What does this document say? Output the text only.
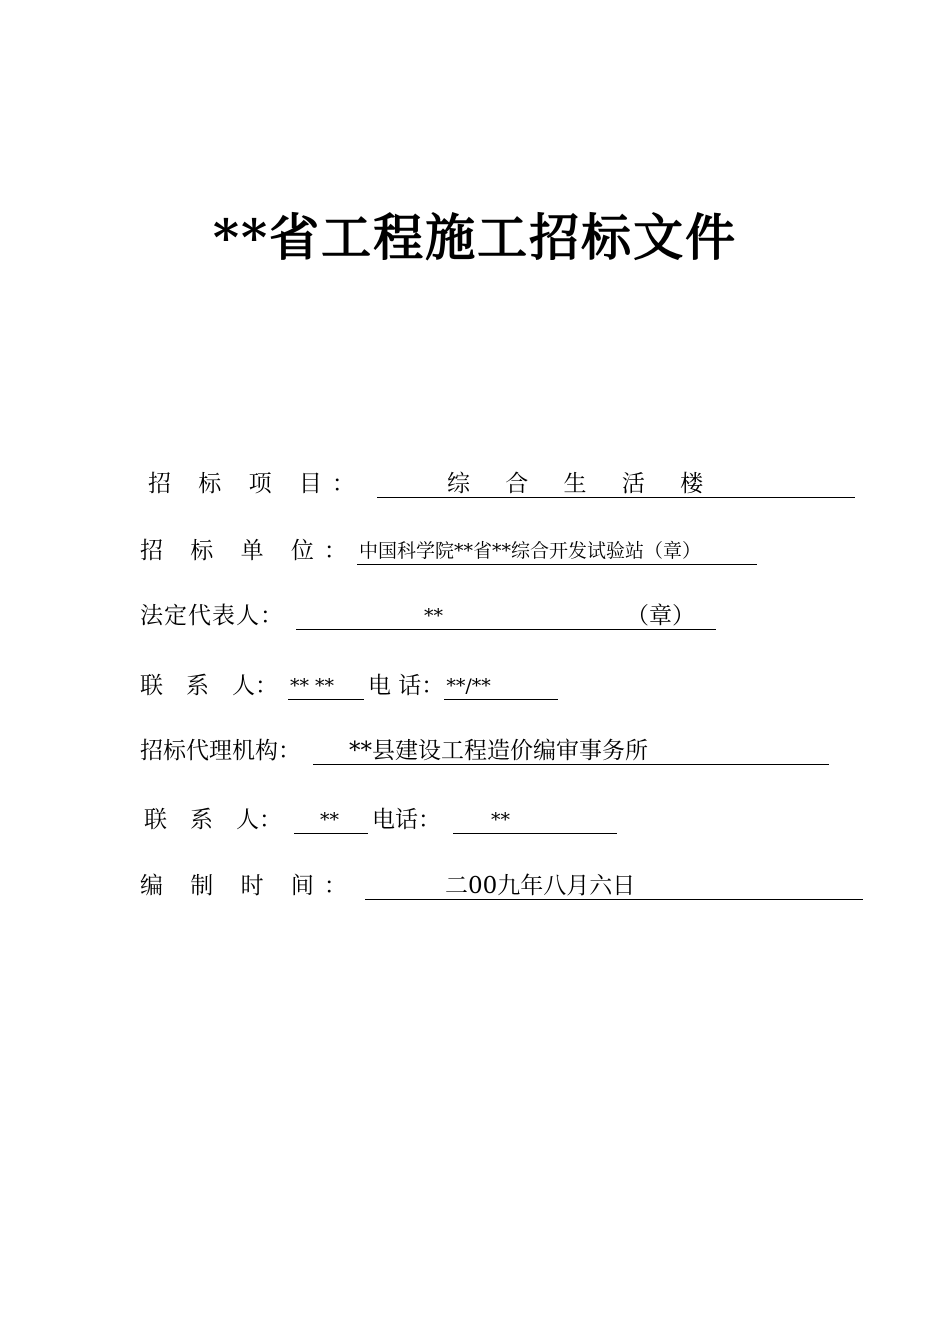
**省工程施工招标文件
招 标 项 目：	综 合 生 活 楼
招 标 单 位： 中国科学院**省**综合开发试验站（章）
法定代表人：	**	（章）
联　系　人： ** ** 电 话： **/**
招标代理机构： **县建设工程造价编审事务所
联　系　人： ** 电话：	**
编 制 时 间：	二00九年八月六日
